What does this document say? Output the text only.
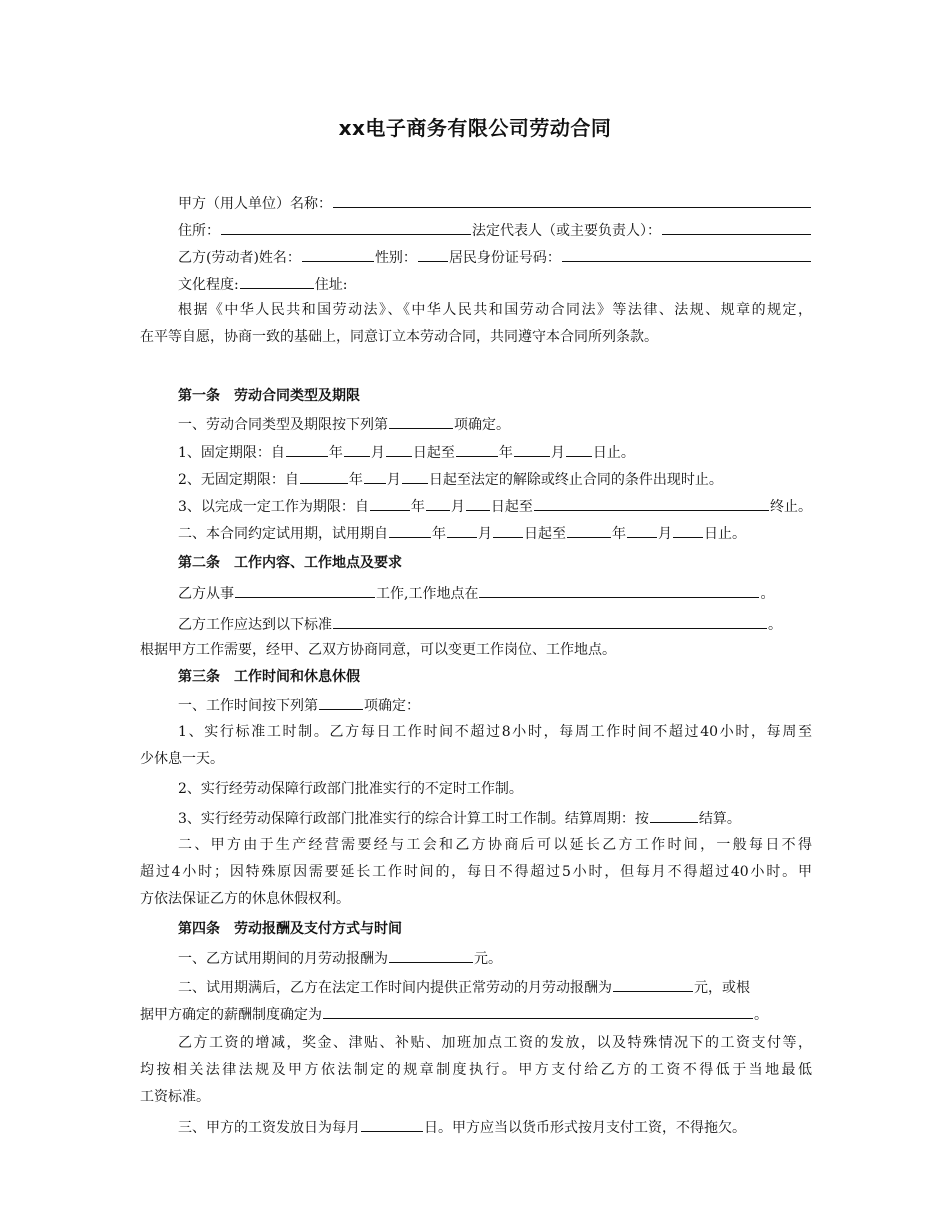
xx电子商务有限公司劳动合同
甲方（用人单位）名称：
住所：	法定代表人（或主要负责人）：
乙方(劳动者)姓名：	性别： 居民身份证号码：
文化程度:	住址:
根据《中华人民共和国劳动法》、《中华人民共和国劳动合同法》等法律、法规、规章的规定，
在平等自愿，协商一致的基础上，同意订立本劳动合同，共同遵守本合同所列条款。
第一条　劳动合同类型及期限
一、劳动合同类型及期限按下列第	项确定。
1、固定期限：自	年 月 日起至	年	月 日止。
2、无固定期限：自	年 月 日起至法定的解除或终止合同的条件出现时止。
3、以完成一定工作为期限：自	年 月 日起至	终止。
二、本合同约定试用期，试用期自	年 月 日起至	年 月 日止。
第二条　工作内容、工作地点及要求
乙方从事	工作,工作地点在	。
乙方工作应达到以下标准	。
根据甲方工作需要，经甲、乙双方协商同意，可以变更工作岗位、工作地点。
第三条　工作时间和休息休假
一、工作时间按下列第	项确定：
1、实行标准工时制。乙方每日工作时间不超过8小时，每周工作时间不超过40小时，每周至
少休息一天。
2、实行经劳动保障行政部门批准实行的不定时工作制。
3、实行经劳动保障行政部门批准实行的综合计算工时工作制。结算周期：按	结算。
二、甲方由于生产经营需要经与工会和乙方协商后可以延长乙方工作时间，一般每日不得
超过4小时；因特殊原因需要延长工作时间的，每日不得超过5小时，但每月不得超过40小时。甲
方依法保证乙方的休息休假权利。
第四条　劳动报酬及支付方式与时间
一、乙方试用期间的月劳动报酬为	元。
二、试用期满后，乙方在法定工作时间内提供正常劳动的月劳动报酬为	元，或根
据甲方确定的薪酬制度确定为	。
乙方工资的增减，奖金、津贴、补贴、加班加点工资的发放，以及特殊情况下的工资支付等，
均按相关法律法规及甲方依法制定的规章制度执行。甲方支付给乙方的工资不得低于当地最低
工资标准。
三、甲方的工资发放日为每月	日。甲方应当以货币形式按月支付工资，不得拖欠。
